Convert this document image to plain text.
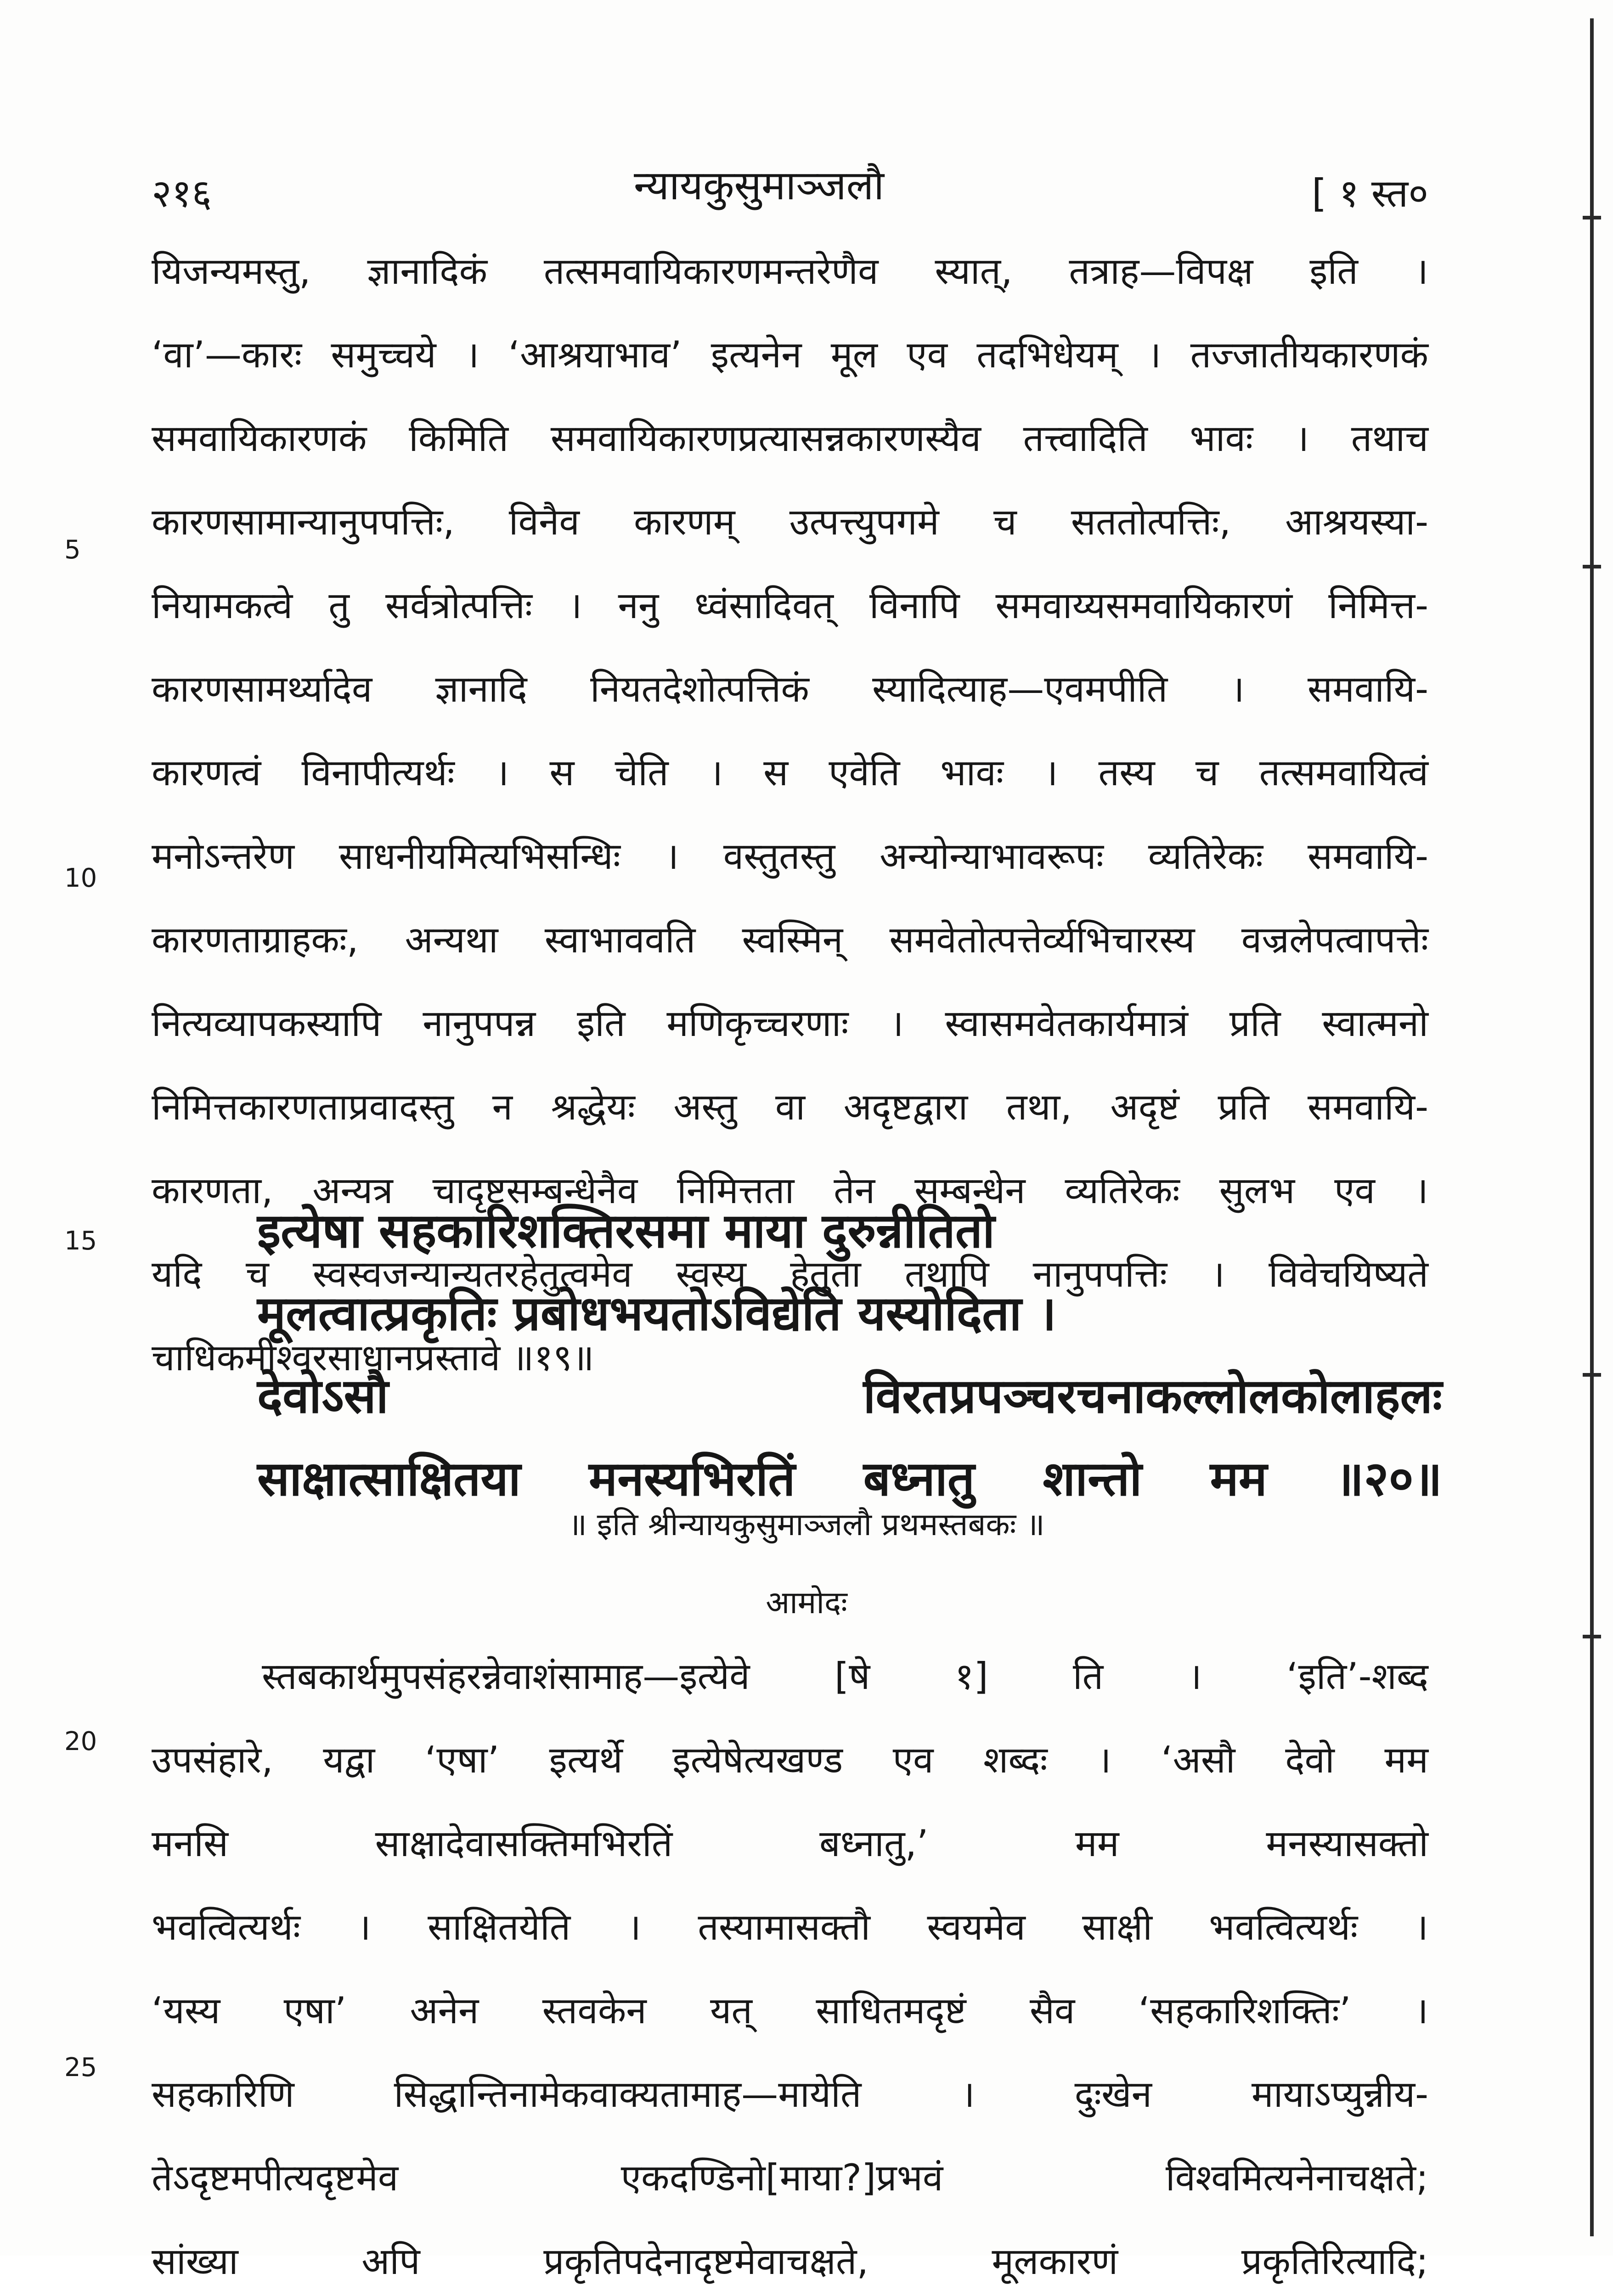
२१६	न्यायकुसुमाञ्जलौ	[ १ स्त०
यिजन्यमस्तु, ज्ञानादिकं तत्समवायिकारणमन्तरेणैव स्यात्, तत्राह—विपक्ष इति ।
‘वा’—कारः समुच्चये । ‘आश्रयाभाव’ इत्यनेन मूल एव तदभिधेयम् । तज्जातीयकारणकं
समवायिकारणकं किमिति समवायिकारणप्रत्यासन्नकारणस्यैव तत्त्वादिति भावः । तथाच
कारणसामान्यानुपपत्तिः, विनैव कारणम् उत्पत्त्युपगमे च सततोत्पत्तिः, आश्रयस्या-
नियामकत्वे तु सर्वत्रोत्पत्तिः । ननु ध्वंसादिवत् विनापि समवाय्यसमवायिकारणं निमित्त-
कारणसामर्थ्यादेव ज्ञानादि नियतदेशोत्पत्तिकं स्यादित्याह—एवमपीति । समवायि-
कारणत्वं विनापीत्यर्थः । स चेति । स एवेति भावः । तस्य च तत्समवायित्वं
मनोऽन्तरेण साधनीयमित्यभिसन्धिः । वस्तुतस्तु अन्योन्याभावरूपः व्यतिरेकः समवायि-
कारणताग्राहकः, अन्यथा स्वाभाववति स्वस्मिन् समवेतोत्पत्तेर्व्यभिचारस्य वज्रलेपत्वापत्तेः
नित्यव्यापकस्यापि नानुपपन्न इति मणिकृच्चरणाः । स्वासमवेतकार्यमात्रं प्रति स्वात्मनो
निमित्तकारणताप्रवादस्तु न श्रद्धेयः अस्तु वा अदृष्टद्वारा तथा, अदृष्टं प्रति समवायि-
कारणता, अन्यत्र चादृष्टसम्बन्धेनैव निमित्तता तेन सम्बन्धेन व्यतिरेकः सुलभ एव ।
यदि च स्वस्वजन्यान्यतरहेतुत्वमेव स्वस्य हेतुता तथापि नानुपपत्तिः । विवेचयिष्यते
चाधिकमीश्वरसाधानप्रस्तावे ॥१९॥
5
10
15
20
25
इत्येषा सहकारिशक्तिरसमा माया दुरुन्नीतितो
मूलत्वात्प्रकृतिः प्रबोधभयतोऽविद्येति यस्योदिता ।
देवोऽसौ विरतप्रपञ्चरचनाकल्लोलकोलाहलः
साक्षात्साक्षितया मनस्यभिरतिं बध्नातु शान्तो मम ॥२०॥
॥ इति श्रीन्यायकुसुमाञ्जलौ प्रथमस्तबकः ॥
आमोदः
स्तबकार्थमुपसंहरन्नेवाशंसामाह—इत्येवे [षे १] ति । ‘इति’-शब्द
उपसंहारे, यद्वा ‘एषा’ इत्यर्थे इत्येषेत्यखण्ड एव शब्दः । ‘असौ देवो मम
मनसि साक्षादेवासक्तिमभिरतिं बध्नातु,’ मम मनस्यासक्तो
भवत्वित्यर्थः । साक्षितयेति । तस्यामासक्तौ स्वयमेव साक्षी भवत्वित्यर्थः ।
‘यस्य एषा’ अनेन स्तवकेन यत् साधितमदृष्टं सैव ‘सहकारिशक्तिः’ ।
सहकारिणि सिद्धान्तिनामेकवाक्यतामाह—मायेति । दुःखेन मायाऽप्युन्नीय-
तेऽदृष्टमपीत्यदृष्टमेव एकदण्डिनो[माया?]प्रभवं विश्वमित्यनेनाचक्षते;
सांख्या अपि प्रकृतिपदेनादृष्टमेवाचक्षते, मूलकारणं प्रकृतिरित्यादि;
